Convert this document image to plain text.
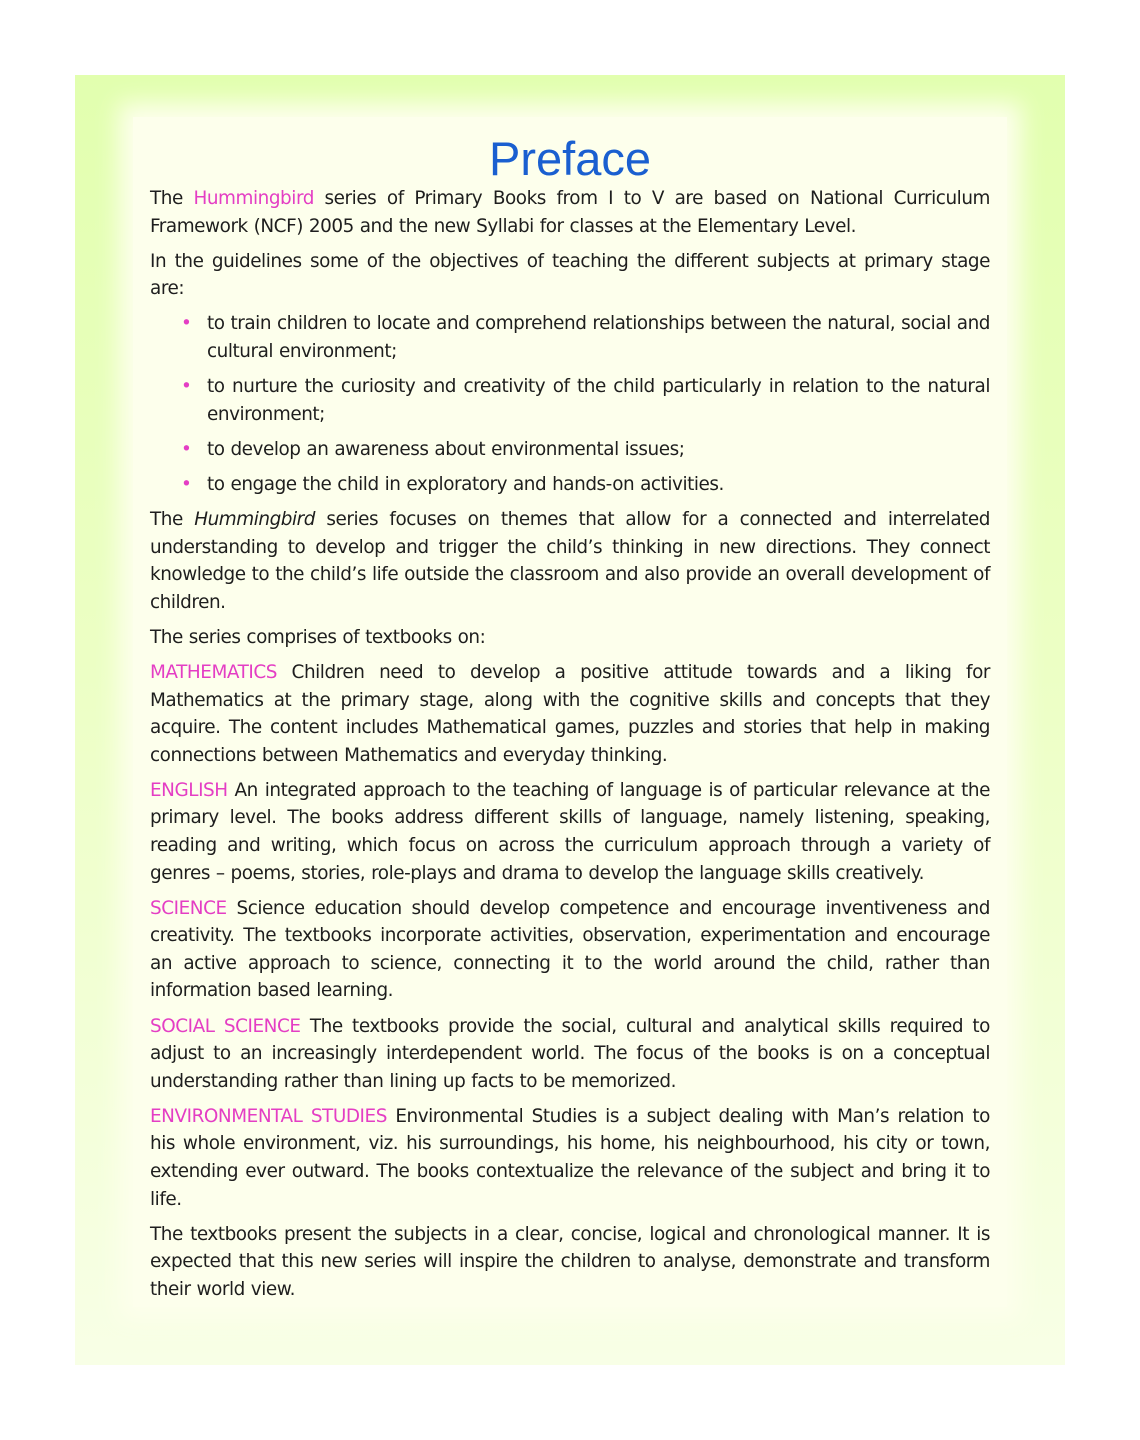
Preface

The Hummingbird series of Primary Books from I to V are based on National Curriculum Framework (NCF) 2005 and the new Syllabi for classes at the Elementary Level.

In the guidelines some of the objectives of teaching the different subjects at primary stage are:

• to train children to locate and comprehend relationships between the natural, social and cultural environment;
• to nurture the curiosity and creativity of the child particularly in relation to the natural environment;
• to develop an awareness about environmental issues;
• to engage the child in exploratory and hands-on activities.

The Hummingbird series focuses on themes that allow for a connected and interrelated understanding to develop and trigger the child’s thinking in new directions. They connect knowledge to the child’s life outside the classroom and also provide an overall development of children.

The series comprises of textbooks on:

MATHEMATICS Children need to develop a positive attitude towards and a liking for Mathematics at the primary stage, along with the cognitive skills and concepts that they acquire. The content includes Mathematical games, puzzles and stories that help in making connections between Mathematics and everyday thinking.

ENGLISH An integrated approach to the teaching of language is of particular relevance at the primary level. The books address different skills of language, namely listening, speaking, reading and writing, which focus on across the curriculum approach through a variety of genres – poems, stories, role-plays and drama to develop the language skills creatively.

SCIENCE Science education should develop competence and encourage inventiveness and creativity. The textbooks incorporate activities, observation, experimentation and encourage an active approach to science, connecting it to the world around the child, rather than information based learning.

SOCIAL SCIENCE The textbooks provide the social, cultural and analytical skills required to adjust to an increasingly interdependent world. The focus of the books is on a conceptual understanding rather than lining up facts to be memorized.

ENVIRONMENTAL STUDIES Environmental Studies is a subject dealing with Man’s relation to his whole environment, viz. his surroundings, his home, his neighbourhood, his city or town, extending ever outward. The books contextualize the relevance of the subject and bring it to life.

The textbooks present the subjects in a clear, concise, logical and chronological manner. It is expected that this new series will inspire the children to analyse, demonstrate and transform their world view.
